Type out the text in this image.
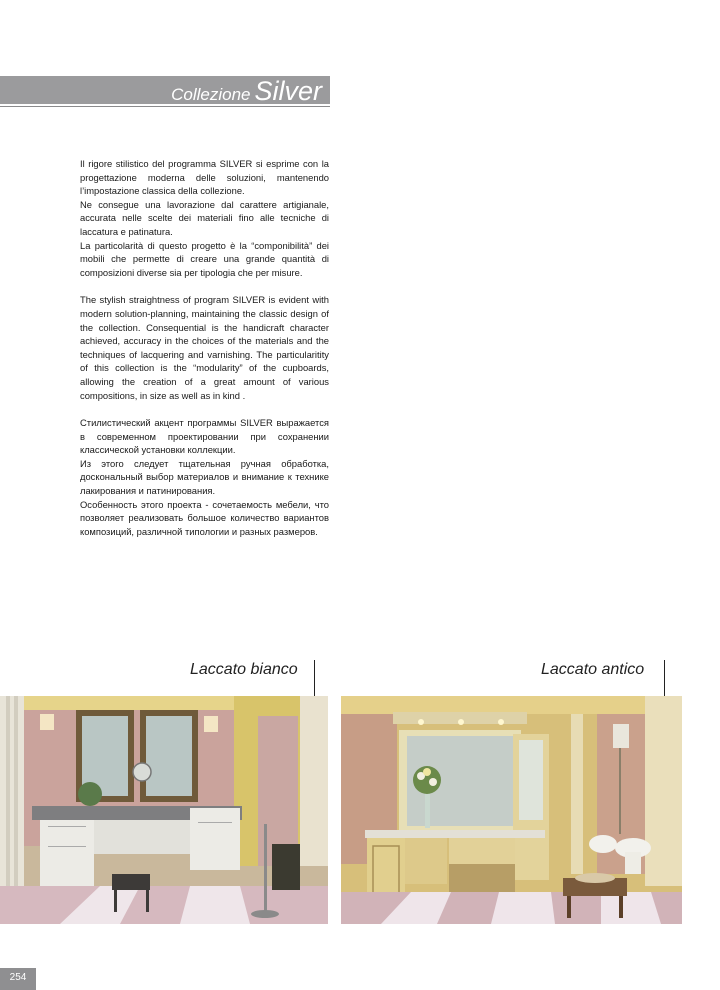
Collezione Silver

Il rigore stilistico del programma SILVER si esprime con la progettazione moderna delle soluzioni, mantenendo l’impostazione classica della collezione.
Ne consegue una lavorazione dal carattere artigianale, accurata nelle scelte dei materiali fino alle tecniche di laccatura e patinatura.
La particolarità di questo progetto è la “componibilità” dei mobili che permette di creare una grande quantità di composizioni diverse sia per tipologia che per misure.

The stylish straightness of program SILVER is evident with modern solution-planning, maintaining the classic design of the collection. Consequential is the handicraft character achieved, accuracy in the choices of the materials and the techniques of lacquering and varnishing. The particularitity of this collection is the “modularity” of the cupboards, allowing the creation of a great amount of various compositions, in size as well as in kind .

Стилистический акцент программы SILVER выражается в современном проектировании при сохранении классической установки коллекции.
Из этого следует тщательная ручная обработка, доскональный выбор материалов и внимание к технике лакирования и патинирования.
Особенность этого проекта - сочетаемость мебели, что позволяет реализовать большое количество вариантов композиций, различной типологии и разных размеров.

Laccato bianco	Laccato antico
254
